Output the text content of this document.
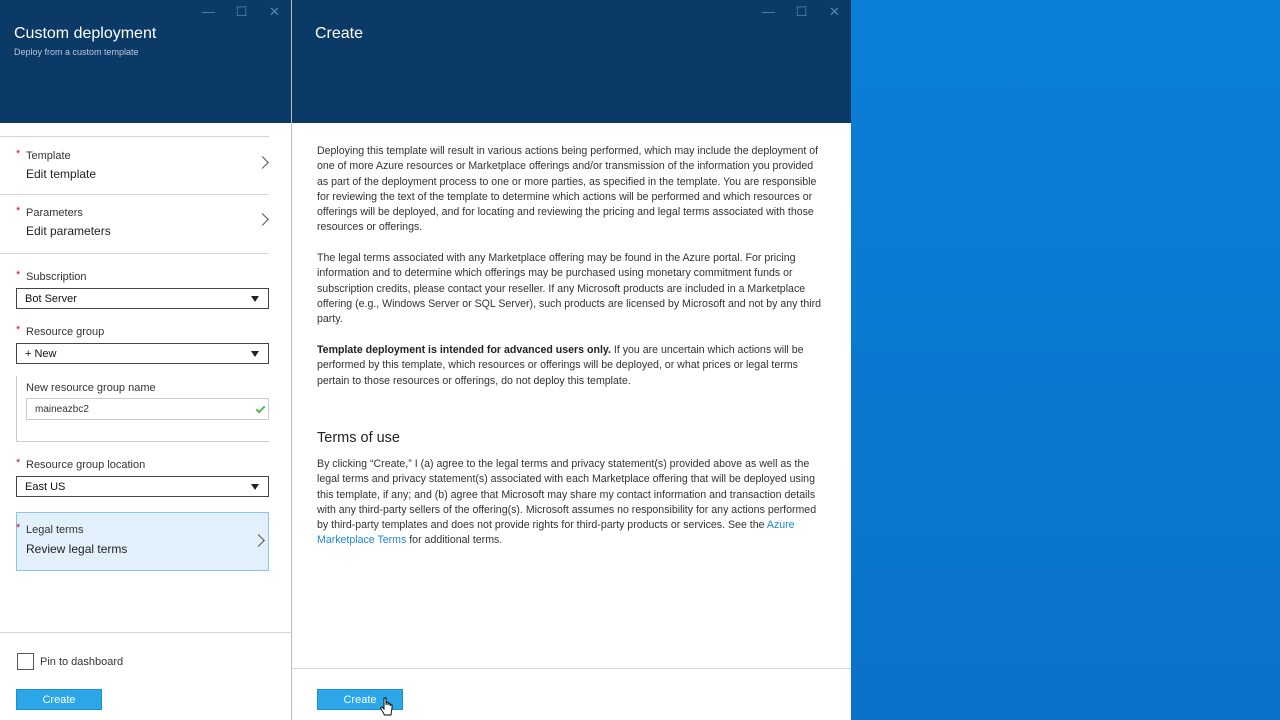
Custom deployment
Deploy from a custom template
— ☐ ✕
* Template
Edit template
* Parameters
Edit parameters
* Subscription
Bot Server
* Resource group
+ New
New resource group name
maineazbc2
* Resource group location
East US
* Legal terms
Review legal terms
Pin to dashboard
Create
Create
— ☐ ✕

Deploying this template will result in various actions being performed, which may include the deployment of one of more Azure resources or Marketplace offerings and/or transmission of the information you provided as part of the deployment process to one or more parties, as specified in the template. You are responsible for reviewing the text of the template to determine which actions will be performed and which resources or offerings will be deployed, and for locating and reviewing the pricing and legal terms associated with those resources or offerings.

The legal terms associated with any Marketplace offering may be found in the Azure portal. For pricing information and to determine which offerings may be purchased using monetary commitment funds or subscription credits, please contact your reseller. If any Microsoft products are included in a Marketplace offering (e.g., Windows Server or SQL Server), such products are licensed by Microsoft and not by any third party.

Template deployment is intended for advanced users only. If you are uncertain which actions will be performed by this template, which resources or offerings will be deployed, or what prices or legal terms pertain to those resources or offerings, do not deploy this template.

Terms of use

By clicking “Create,” I (a) agree to the legal terms and privacy statement(s) provided above as well as the legal terms and privacy statement(s) associated with each Marketplace offering that will be deployed using this template, if any; and (b) agree that Microsoft may share my contact information and transaction details with any third-party sellers of the offering(s). Microsoft assumes no responsibility for any actions performed by third-party templates and does not provide rights for third-party products or services. See the Azure Marketplace Terms for additional terms.

Create
